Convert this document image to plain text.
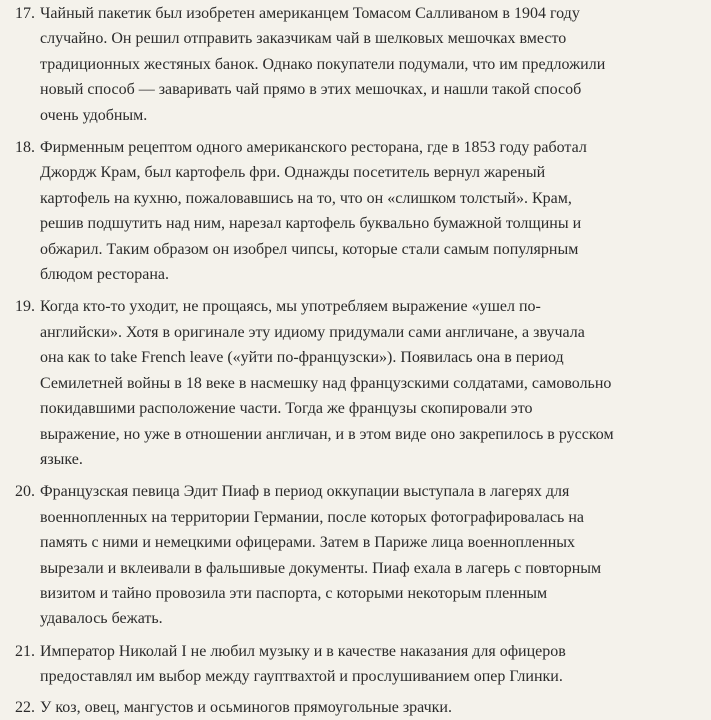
17. Чайный пакетик был изобретен американцем Томасом Салливаном в 1904 году
случайно. Он решил отправить заказчикам чай в шелковых мешочках вместо
традиционных жестяных банок. Однако покупатели подумали, что им предложили
новый способ — заваривать чай прямо в этих мешочках, и нашли такой способ
очень удобным.
18. Фирменным рецептом одного американского ресторана, где в 1853 году работал
Джордж Крам, был картофель фри. Однажды посетитель вернул жареный
картофель на кухню, пожаловавшись на то, что он «слишком толстый». Крам,
решив подшутить над ним, нарезал картофель буквально бумажной толщины и
обжарил. Таким образом он изобрел чипсы, которые стали самым популярным
блюдом ресторана.
19. Когда кто-то уходит, не прощаясь, мы употребляем выражение «ушел по-
английски». Хотя в оригинале эту идиому придумали сами англичане, а звучала
она как to take French leave («уйти по-французски»). Появилась она в период
Семилетней войны в 18 веке в насмешку над французскими солдатами, самовольно
покидавшими расположение части. Тогда же французы скопировали это
выражение, но уже в отношении англичан, и в этом виде оно закрепилось в русском
языке.
20. Французская певица Эдит Пиаф в период оккупации выступала в лагерях для
военнопленных на территории Германии, после которых фотографировалась на
память с ними и немецкими офицерами. Затем в Париже лица военнопленных
вырезали и вклеивали в фальшивые документы. Пиаф ехала в лагерь с повторным
визитом и тайно провозила эти паспорта, с которыми некоторым пленным
удавалось бежать.
21. Император Николай I не любил музыку и в качестве наказания для офицеров
предоставлял им выбор между гауптвахтой и прослушиванием опер Глинки.
22. У коз, овец, мангустов и осьминогов прямоугольные зрачки.
